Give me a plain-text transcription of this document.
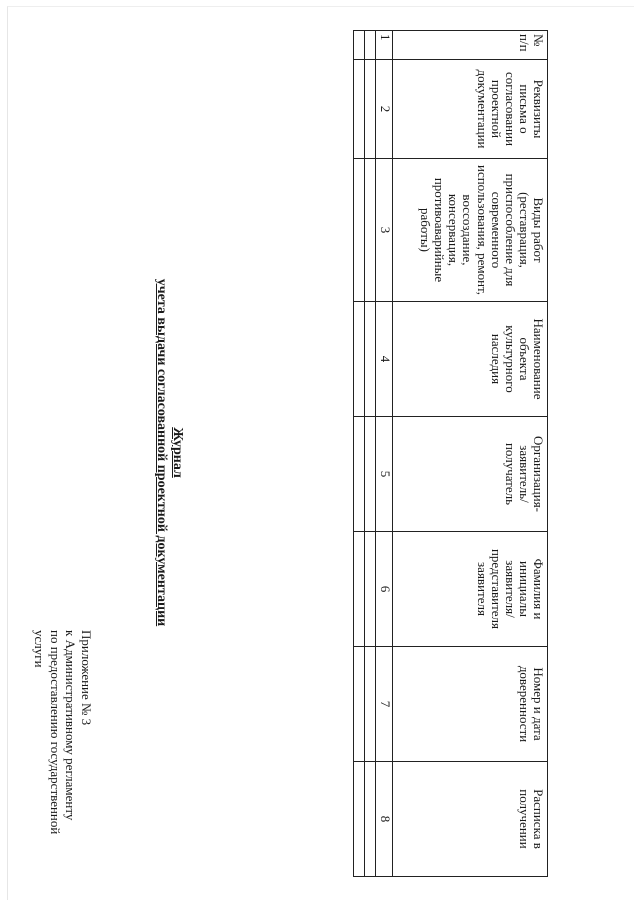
Приложение № 3
к Административному регламенту
по предоставлению государственной
услуги
Журнал
учета выдачи согласованной проектной документации

1	2	3	4	5	6	7	8
№ п/п	Реквизиты письма о согласовании проектной документации	Виды работ (реставрация, приспособление для современного использования, ремонт, воссоздание, консервация, противоаварийные работы)	Наименование объекта культурного наследия	Организация-заявитель/ получатель	Фамилия и инициалы заявителя/ представителя заявителя	Номер и дата доверенности	Расписка в получении
